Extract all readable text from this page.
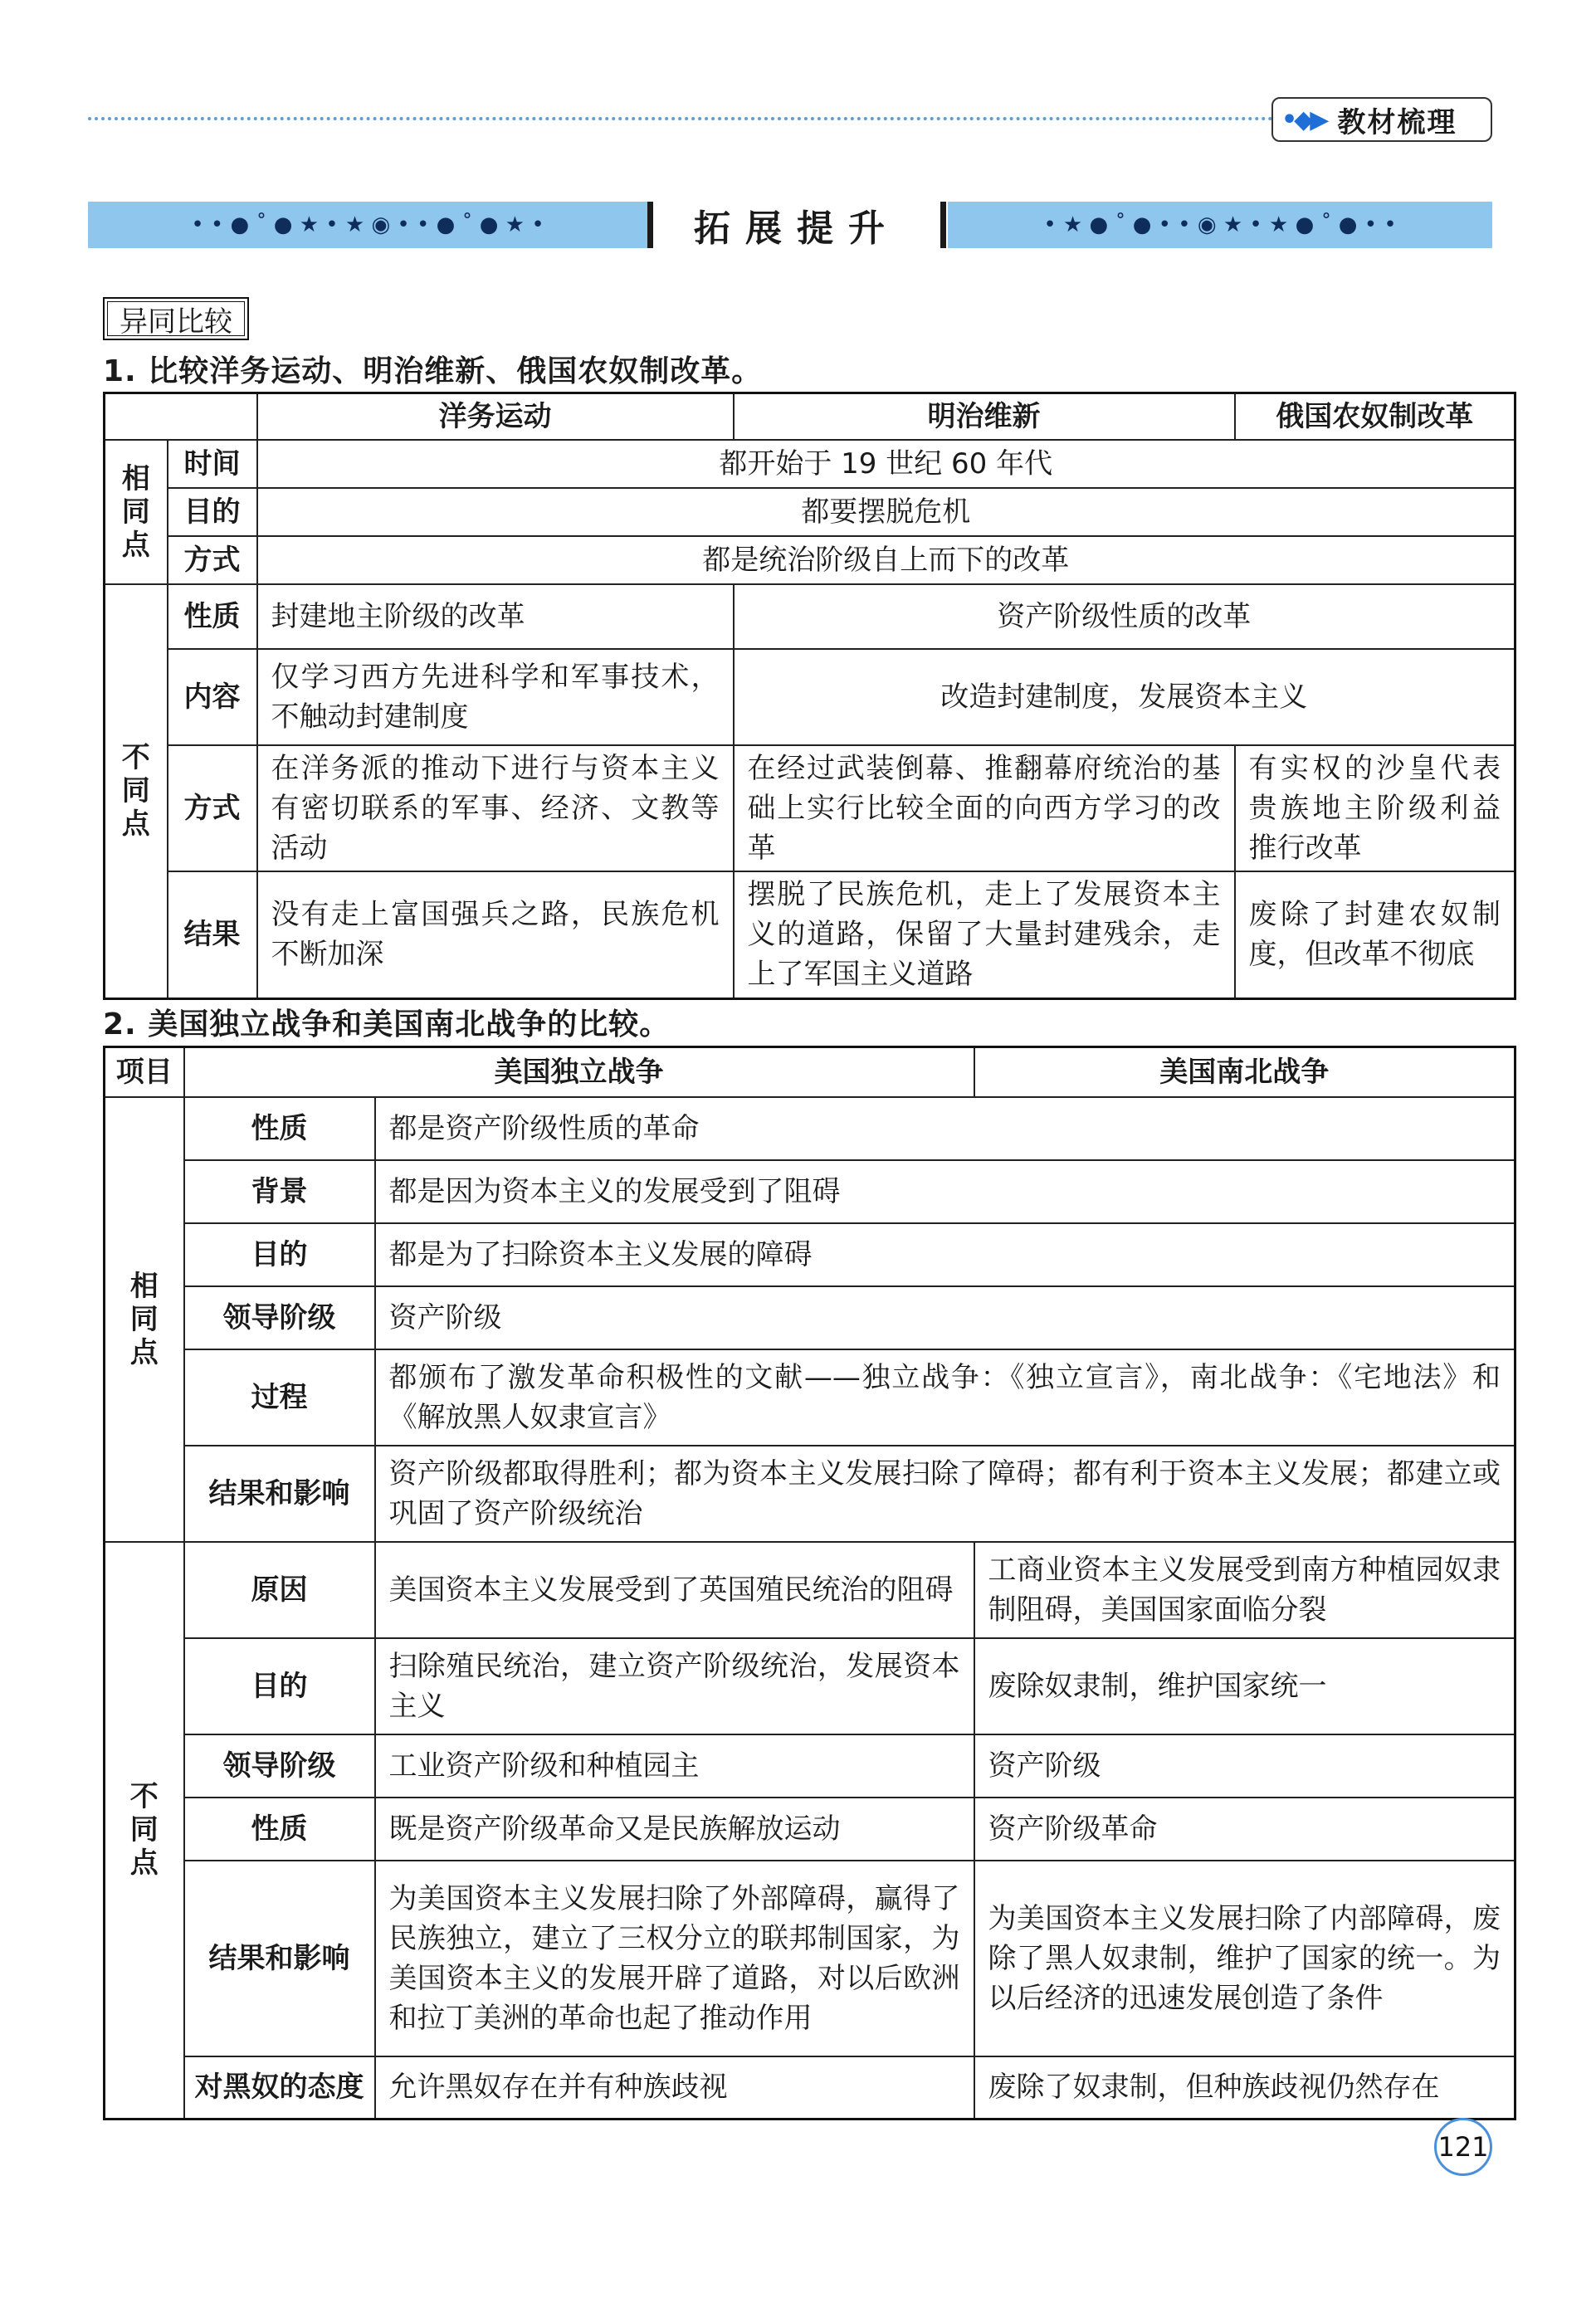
•◆▶ 教材梳理
• • ● ˚ ● ★ • ★ ◉ • • ● ˚ ● ★ •	拓展提升	• ★ ● ˚ ● • • ◉ ★ • ★ ● ˚ ● • •
异同比较
1. 比较洋务运动、明治维新、俄国农奴制改革。
		洋务运动	明治维新	俄国农奴制改革
相同点	时间	都开始于 19 世纪 60 年代		
	目的	都要摆脱危机		
	方式	都是统治阶级自上而下的改革		
不同点	性质	封建地主阶级的改革	资产阶级性质的改革	
	内容	仅学习西方先进科学和军事技术，不触动封建制度	改造封建制度，发展资本主义	
	方式	在洋务派的推动下进行与资本主义有密切联系的军事、经济、文教等活动	在经过武装倒幕、推翻幕府统治的基础上实行比较全面的向西方学习的改革	有实权的沙皇代表贵族地主阶级利益推行改革
	结果	没有走上富国强兵之路，民族危机不断加深	摆脱了民族危机，走上了发展资本主义的道路，保留了大量封建残余，走上了军国主义道路	废除了封建农奴制度，但改革不彻底
2. 美国独立战争和美国南北战争的比较。
项目	美国独立战争		美国南北战争
相同点	性质	都是资产阶级性质的革命	
	背景	都是因为资本主义的发展受到了阻碍	
	目的	都是为了扫除资本主义发展的障碍	
	领导阶级	资产阶级	
	过程	都颁布了激发革命积极性的文献——独立战争：《独立宣言》，南北战争：《宅地法》和《解放黑人奴隶宣言》	
	结果和影响	资产阶级都取得胜利；都为资本主义发展扫除了障碍；都有利于资本主义发展；都建立或巩固了资产阶级统治	
不同点	原因	美国资本主义发展受到了英国殖民统治的阻碍	工商业资本主义发展受到南方种植园奴隶制阻碍，美国国家面临分裂
	目的	扫除殖民统治，建立资产阶级统治，发展资本主义	废除奴隶制，维护国家统一
	领导阶级	工业资产阶级和种植园主	资产阶级
	性质	既是资产阶级革命又是民族解放运动	资产阶级革命
	结果和影响	为美国资本主义发展扫除了外部障碍，赢得了民族独立，建立了三权分立的联邦制国家，为美国资本主义的发展开辟了道路，对以后欧洲和拉丁美洲的革命也起了推动作用	为美国资本主义发展扫除了内部障碍，废除了黑人奴隶制，维护了国家的统一。为以后经济的迅速发展创造了条件
	对黑奴的态度	允许黑奴存在并有种族歧视	废除了奴隶制，但种族歧视仍然存在
121
